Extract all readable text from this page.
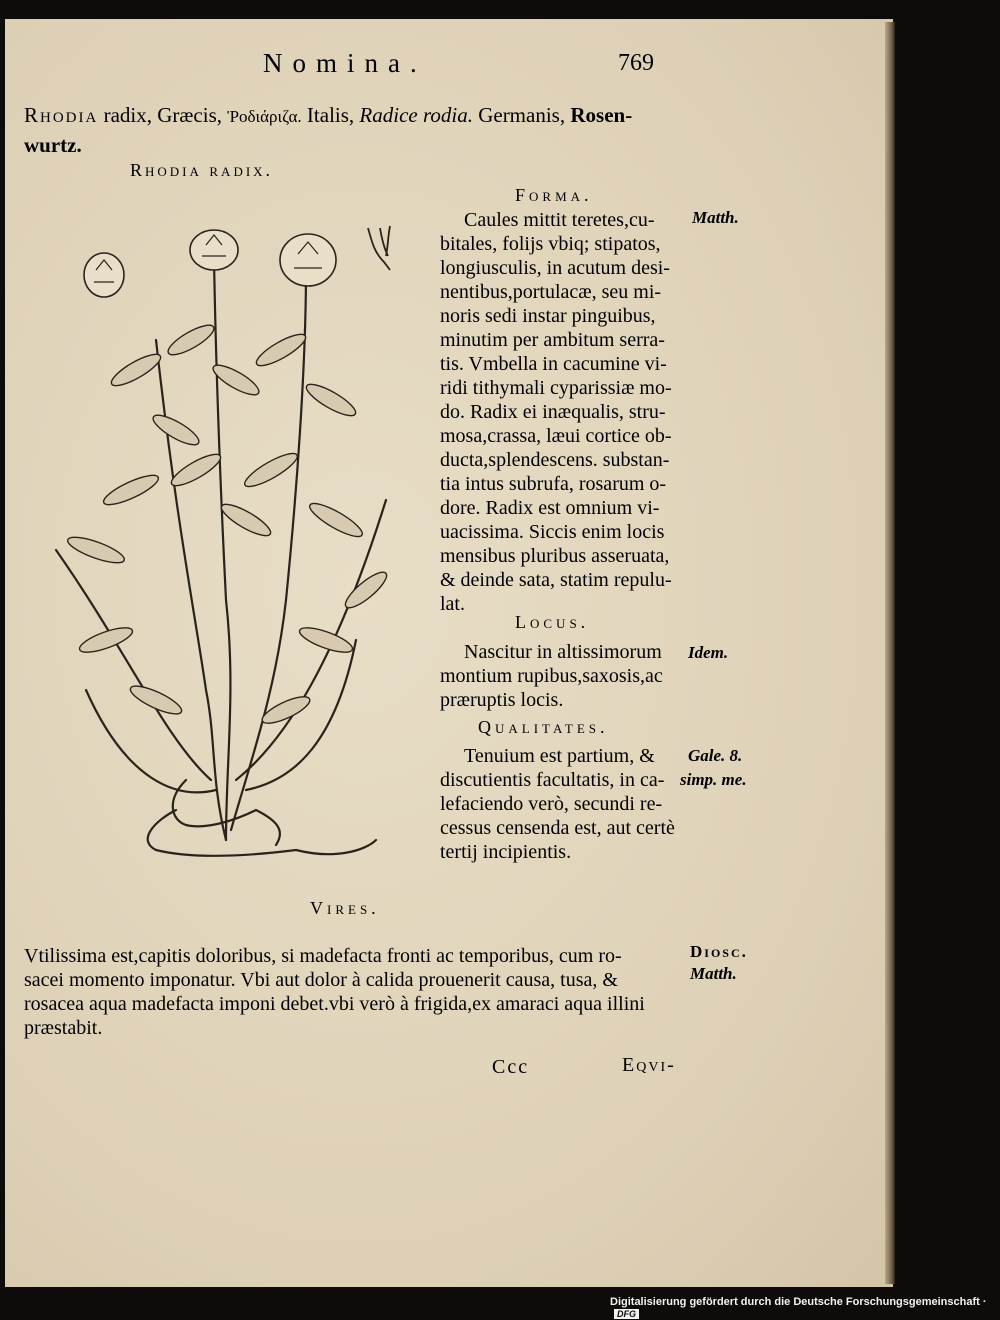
Nomina.	769
Rhodia radix, Græcis, Ῥοδιάριζα. Italis, Radice rodia. Germanis, Rosen-
wurtz.
Rhodia radix.
Forma.
Matth.
Caules mittit teretes,cu-
bitales, folijs vbiq; stipatos,
longiusculis, in acutum desi-
nentibus,portulacæ, seu mi-
noris sedi instar pinguibus,
minutim per ambitum serra-
tis. Vmbella in cacumine vi-
ridi tithymali cyparissiæ mo-
do. Radix ei inæqualis, stru-
mosa,crassa, læui cortice ob-
ducta,splendescens. substan-
tia intus subrufa, rosarum o-
dore. Radix est omnium vi-
uacissima. Siccis enim locis
mensibus pluribus asseruata,
& deinde sata, statim repulu-
lat.
Locus.
Idem.
Nascitur in altissimorum
montium rupibus,saxosis,ac
præruptis locis.
Qualitates.
Gale. 8.
simp. me.
Tenuium est partium, &
discutientis facultatis, in ca-
lefaciendo verò, secundi re-
cessus censenda est, aut certè
tertij incipientis.
Vires.
Diosc.
Matth.
Vtilissima est,capitis doloribus, si madefacta fronti ac temporibus, cum ro-
sacei momento imponatur. Vbi aut dolor à calida prouenerit causa, tusa, &
rosacea aqua madefacta imponi debet.vbi verò à frigida,ex amaraci aqua illini
præstabit.
Ccc	Eqvi-
Digitalisierung gefördert durch die Deutsche Forschungsgemeinschaft ·DFG
